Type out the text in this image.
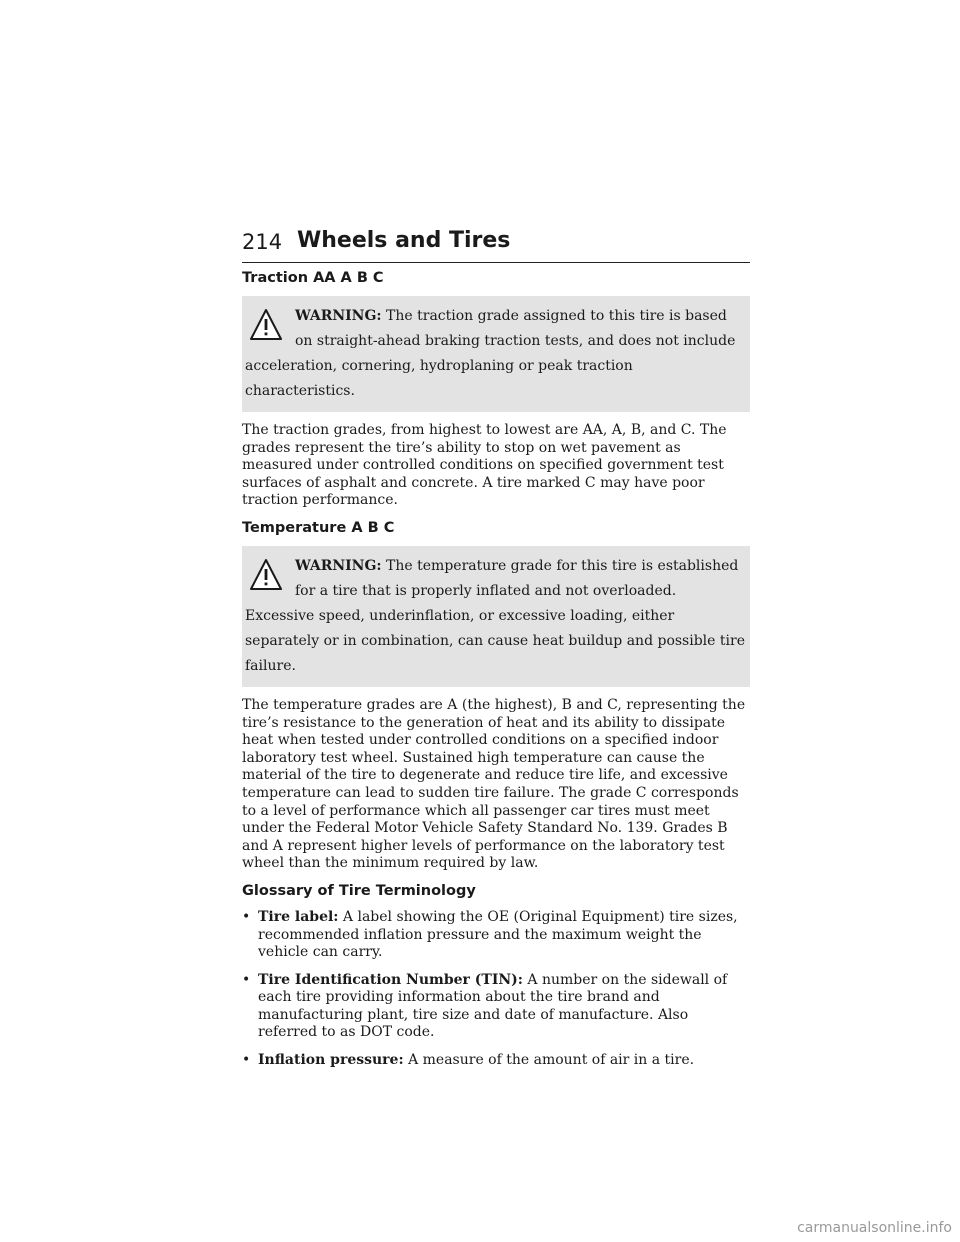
214 Wheels and Tires
Traction AA A B C
WARNING: The traction grade assigned to this tire is based on straight-ahead braking traction tests, and does not include acceleration, cornering, hydroplaning or peak traction characteristics.

The traction grades, from highest to lowest are AA, A, B, and C. The grades represent the tire’s ability to stop on wet pavement as measured under controlled conditions on specified government test surfaces of asphalt and concrete. A tire marked C may have poor traction performance.

Temperature A B C
WARNING: The temperature grade for this tire is established for a tire that is properly inflated and not overloaded. Excessive speed, underinflation, or excessive loading, either separately or in combination, can cause heat buildup and possible tire failure.

The temperature grades are A (the highest), B and C, representing the tire’s resistance to the generation of heat and its ability to dissipate heat when tested under controlled conditions on a specified indoor laboratory test wheel. Sustained high temperature can cause the material of the tire to degenerate and reduce tire life, and excessive temperature can lead to sudden tire failure. The grade C corresponds to a level of performance which all passenger car tires must meet under the Federal Motor Vehicle Safety Standard No. 139. Grades B and A represent higher levels of performance on the laboratory test wheel than the minimum required by law.

Glossary of Tire Terminology
• Tire label: A label showing the OE (Original Equipment) tire sizes, recommended inflation pressure and the maximum weight the vehicle can carry.
• Tire Identification Number (TIN): A number on the sidewall of each tire providing information about the tire brand and manufacturing plant, tire size and date of manufacture. Also referred to as DOT code.
• Inflation pressure: A measure of the amount of air in a tire.
carmanualsonline.info
